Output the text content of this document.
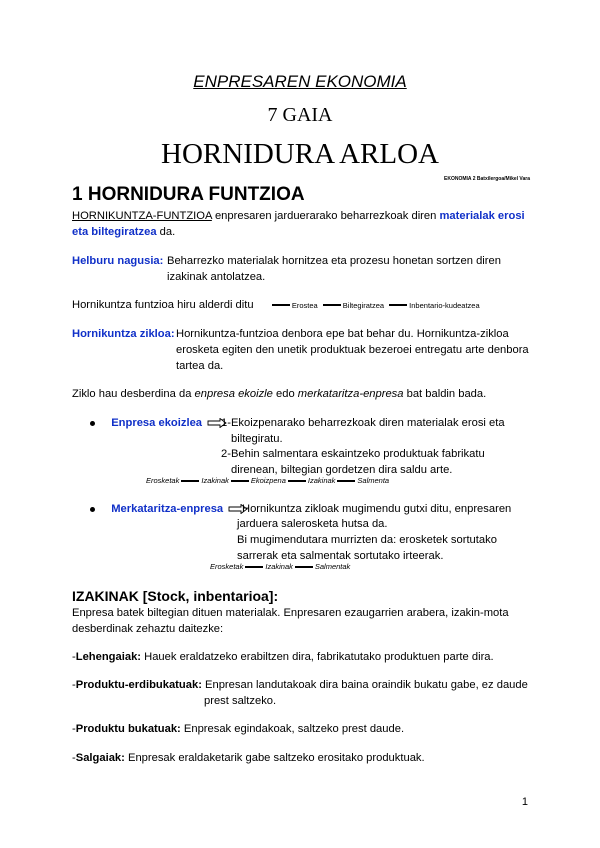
ENPRESAREN EKONOMIA
7 GAIA
HORNIDURA ARLOA
EKONOMIA 2 Batxilergoa/Mikel Vara
1 HORNIDURA FUNTZIOA
HORNIKUNTZA-FUNTZIOA enpresaren jarduerarako beharrezkoak diren materialak erosi
eta biltegiratzea da.
Helburu nagusia: Beharrezko materialak hornitzea eta prozesu honetan sortzen diren
izakinak antolatzea.
Hornikuntza funtzioa hiru alderdi ditu	Erostea	Biltegiratzea	Inbentario-kudeatzea
Hornikuntza zikloa: Hornikuntza-funtzioa denbora epe bat behar du. Hornikuntza-zikloa
erosketa egiten den unetik produktuak bezeroei entregatu arte denbora
tartea da.
Ziklo hau desberdina da enpresa ekoizle edo merkataritza-enpresa bat baldin bada.
Enpresa ekoizlea	1-Ekoizpenarako beharrezkoak diren materialak erosi eta
biltegiratu.
2-Behin salmentara eskaintzeko produktuak fabrikatu
direnean, biltegian gordetzen dira saldu arte.
Erosketak	Izakinak	Ekoizpena	Izakinak	Salmenta
Merkataritza-enpresa	Hornikuntza zikloak mugimendu gutxi ditu, enpresaren
jarduera salerosketa hutsa da.
Bi mugimendutara murrizten da: erosketek sortutako
sarrerak eta salmentak sortutako irteerak.
Erosketak	Izakinak	Salmentak
IZAKINAK [Stock, inbentarioa]:
Enpresa batek biltegian dituen materialak. Enpresaren ezaugarrien arabera, izakin-mota
desberdinak zehaztu daitezke:
-Lehengaiak: Hauek eraldatzeko erabiltzen dira, fabrikatutako produktuen parte dira.
-Produktu-erdibukatuak: Enpresan landutakoak dira baina oraindik bukatu gabe, ez daude
prest saltzeko.
-Produktu bukatuak: Enpresak egindakoak, saltzeko prest daude.
-Salgaiak: Enpresak eraldaketarik gabe saltzeko erositako produktuak.
1
